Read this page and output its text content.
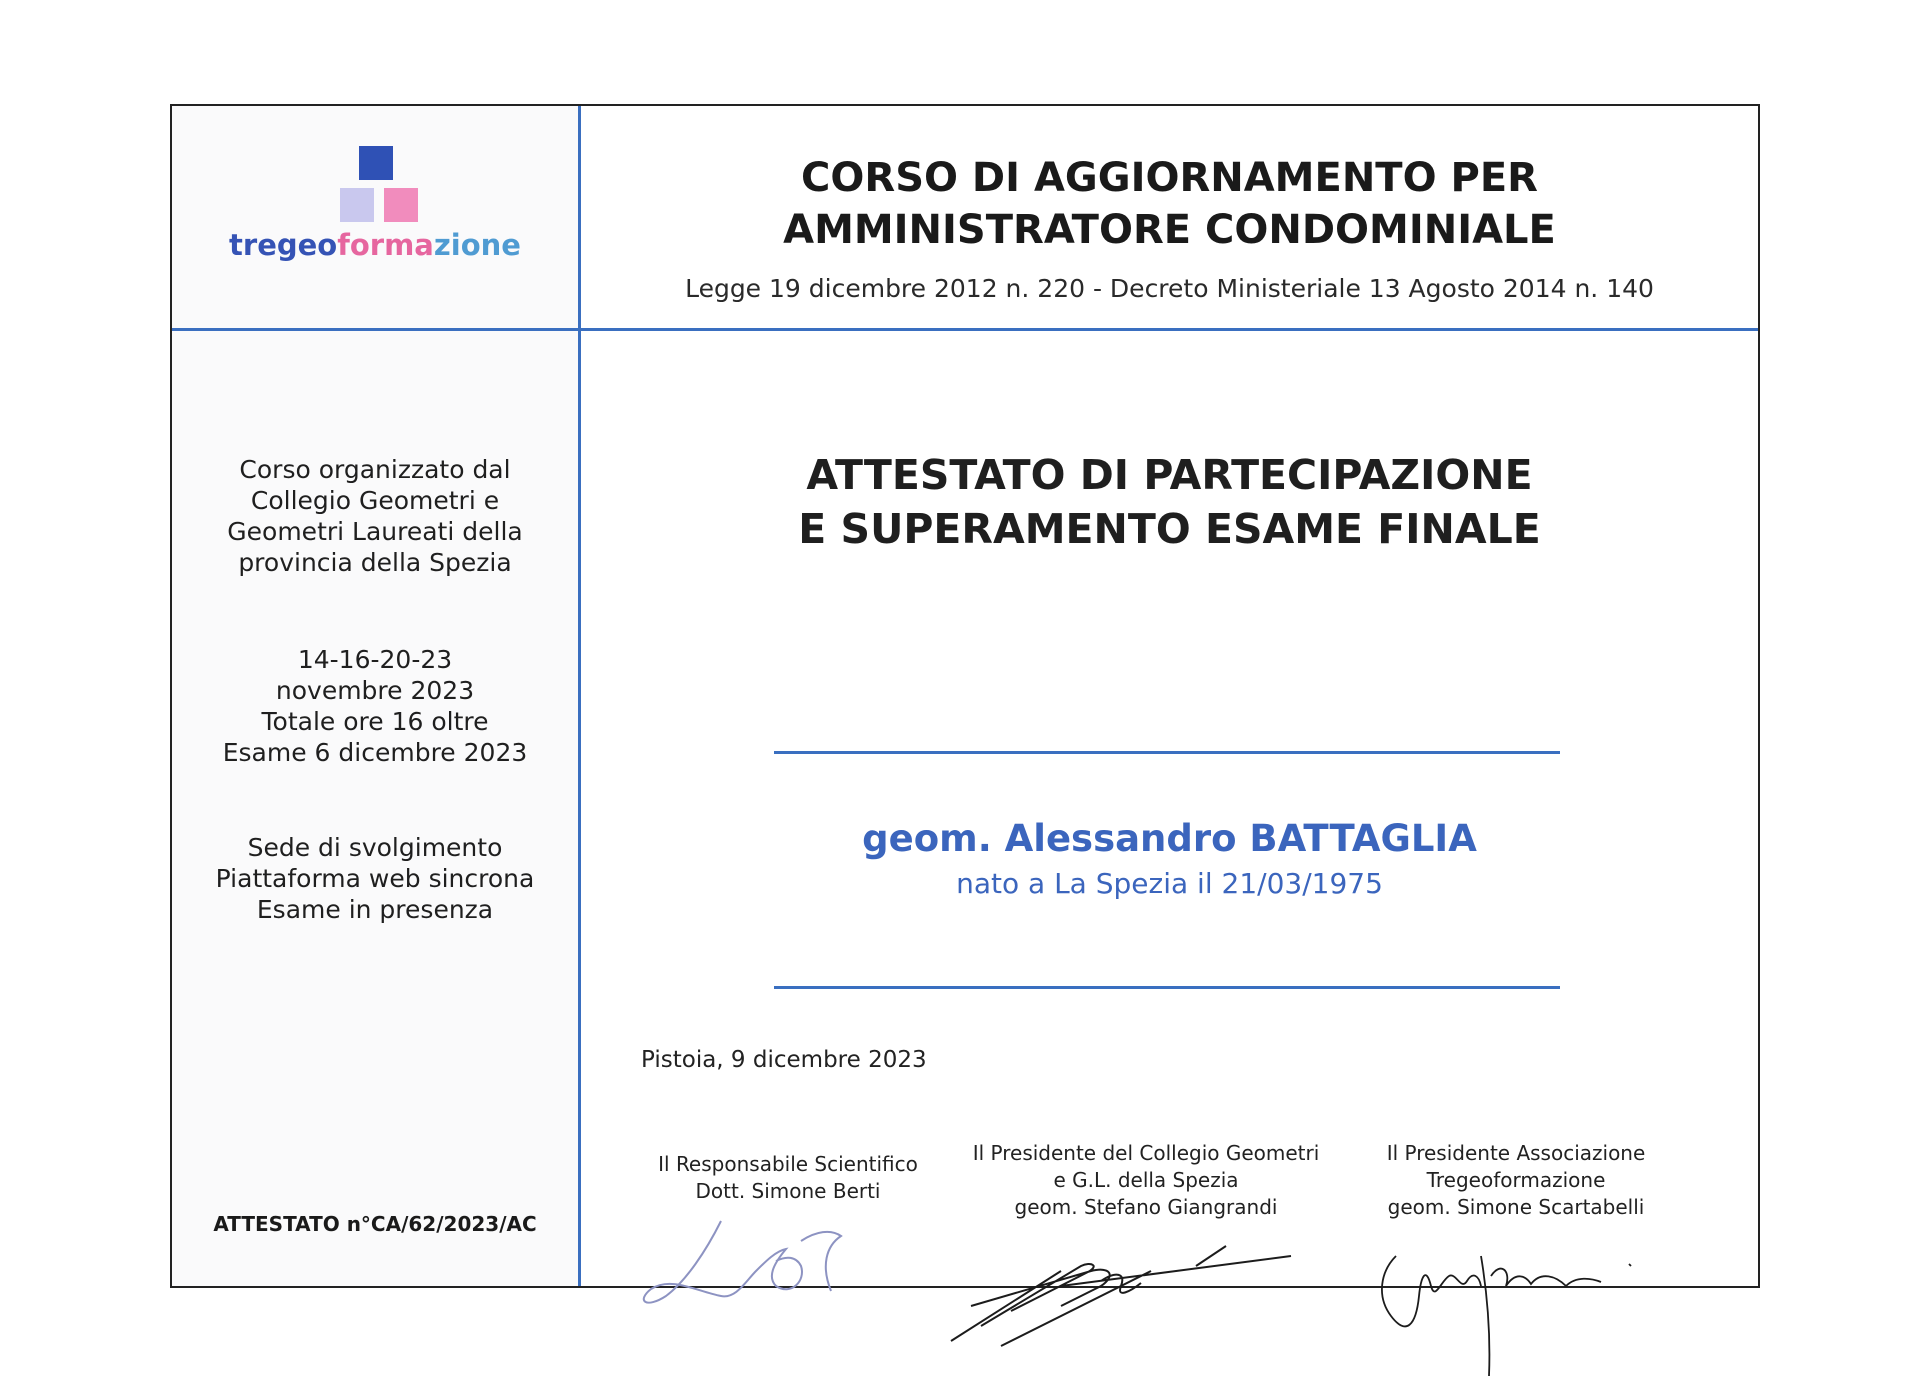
tregeoformazione
CORSO DI AGGIORNAMENTO PER
AMMINISTRATORE CONDOMINIALE
Legge 19 dicembre 2012 n. 220 - Decreto Ministeriale 13 Agosto 2014 n. 140
Corso organizzato dal
Collegio Geometri e
Geometri Laureati della
provincia della Spezia
14-16-20-23
novembre 2023
Totale ore 16 oltre
Esame 6 dicembre 2023
Sede di svolgimento
Piattaforma web sincrona
Esame in presenza
ATTESTATO n°CA/62/2023/AC
ATTESTATO DI PARTECIPAZIONE
E SUPERAMENTO ESAME FINALE
geom. Alessandro BATTAGLIA
nato a La Spezia il 21/03/1975
Pistoia, 9 dicembre 2023
Il Responsabile Scientifico
Dott. Simone Berti
Il Presidente del Collegio Geometri
e G.L. della Spezia
geom. Stefano Giangrandi
Il Presidente Associazione
Tregeoformazione
geom. Simone Scartabelli
